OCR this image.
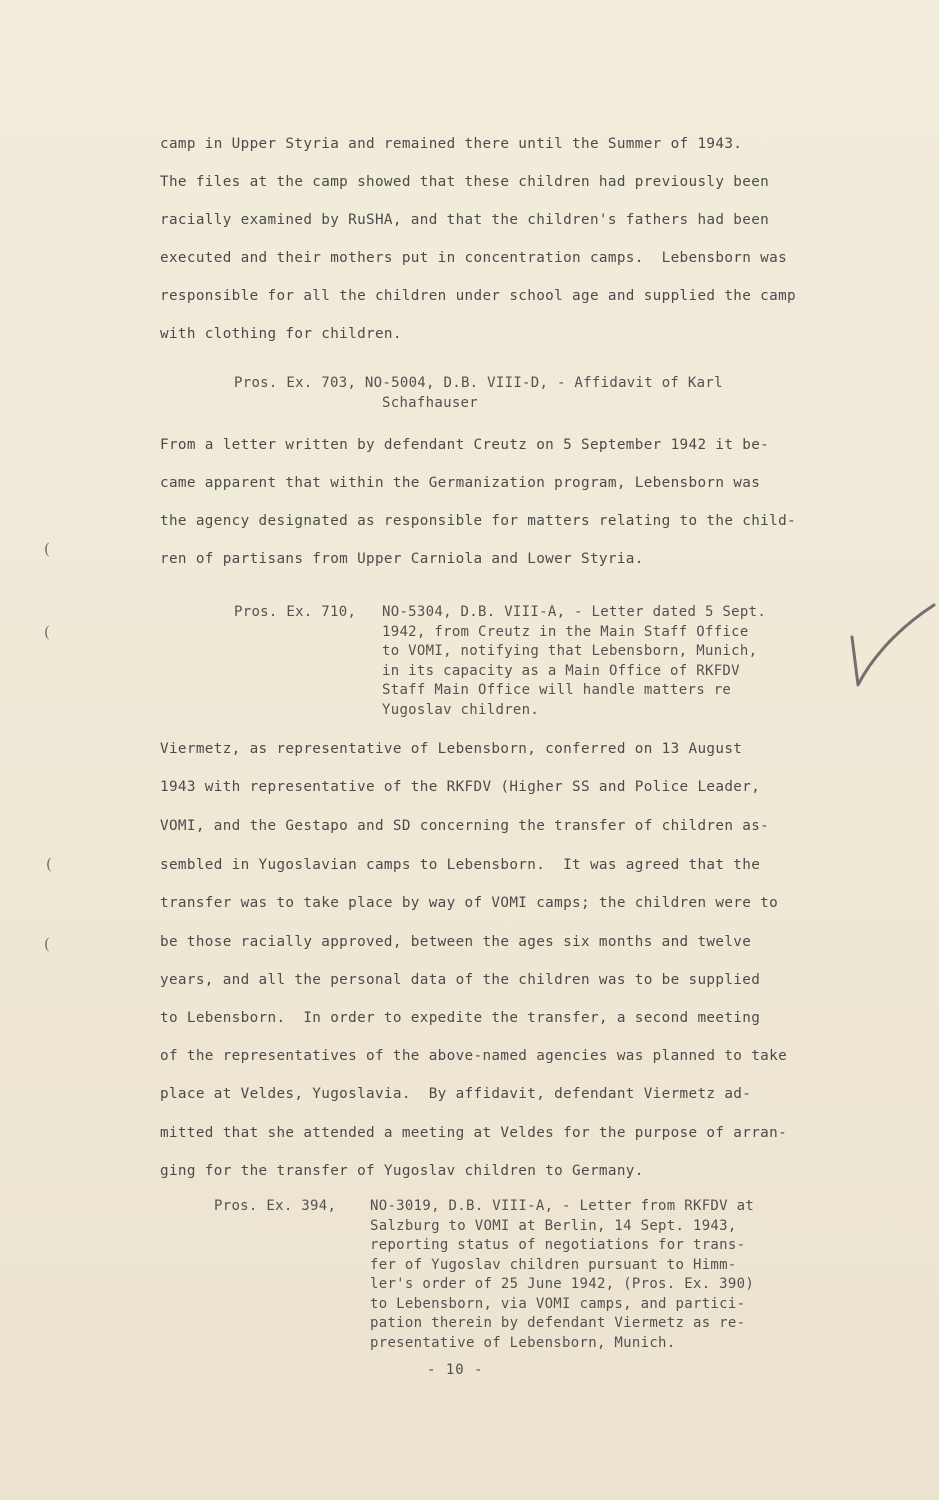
camp in Upper Styria and remained there until the Summer of 1943.
The files at the camp showed that these children had previously been
racially examined by RuSHA, and that the children's fathers had been
executed and their mothers put in concentration camps.  Lebensborn was
responsible for all the children under school age and supplied the camp
with clothing for children.
Pros. Ex. 703, NO-5004, D.B. VIII-D, - Affidavit of Karl
Schafhauser
From a letter written by defendant Creutz on 5 September 1942 it be-
came apparent that within the Germanization program, Lebensborn was
the agency designated as responsible for matters relating to the child-
ren of partisans from Upper Carniola and Lower Styria.
Pros. Ex. 710, NO-5304, D.B. VIII-A, - Letter dated 5 Sept.
1942, from Creutz in the Main Staff Office
to VOMI, notifying that Lebensborn, Munich,
in its capacity as a Main Office of RKFDV
Staff Main Office will handle matters re
Yugoslav children.
Viermetz, as representative of Lebensborn, conferred on 13 August
1943 with representative of the RKFDV (Higher SS and Police Leader,
VOMI, and the Gestapo and SD concerning the transfer of children as-
sembled in Yugoslavian camps to Lebensborn.  It was agreed that the
transfer was to take place by way of VOMI camps; the children were to
be those racially approved, between the ages six months and twelve
years, and all the personal data of the children was to be supplied
to Lebensborn.  In order to expedite the transfer, a second meeting
of the representatives of the above-named agencies was planned to take
place at Veldes, Yugoslavia.  By affidavit, defendant Viermetz ad-
mitted that she attended a meeting at Veldes for the purpose of arran-
ging for the transfer of Yugoslav children to Germany.
Pros. Ex. 394, NO-3019, D.B. VIII-A, - Letter from RKFDV at
Salzburg to VOMI at Berlin, 14 Sept. 1943,
reporting status of negotiations for trans-
fer of Yugoslav children pursuant to Himm-
ler's order of 25 June 1942, (Pros. Ex. 390)
to Lebensborn, via VOMI camps, and partici-
pation therein by defendant Viermetz as re-
presentative of Lebensborn, Munich.
- 10 -
(
(
(
(
